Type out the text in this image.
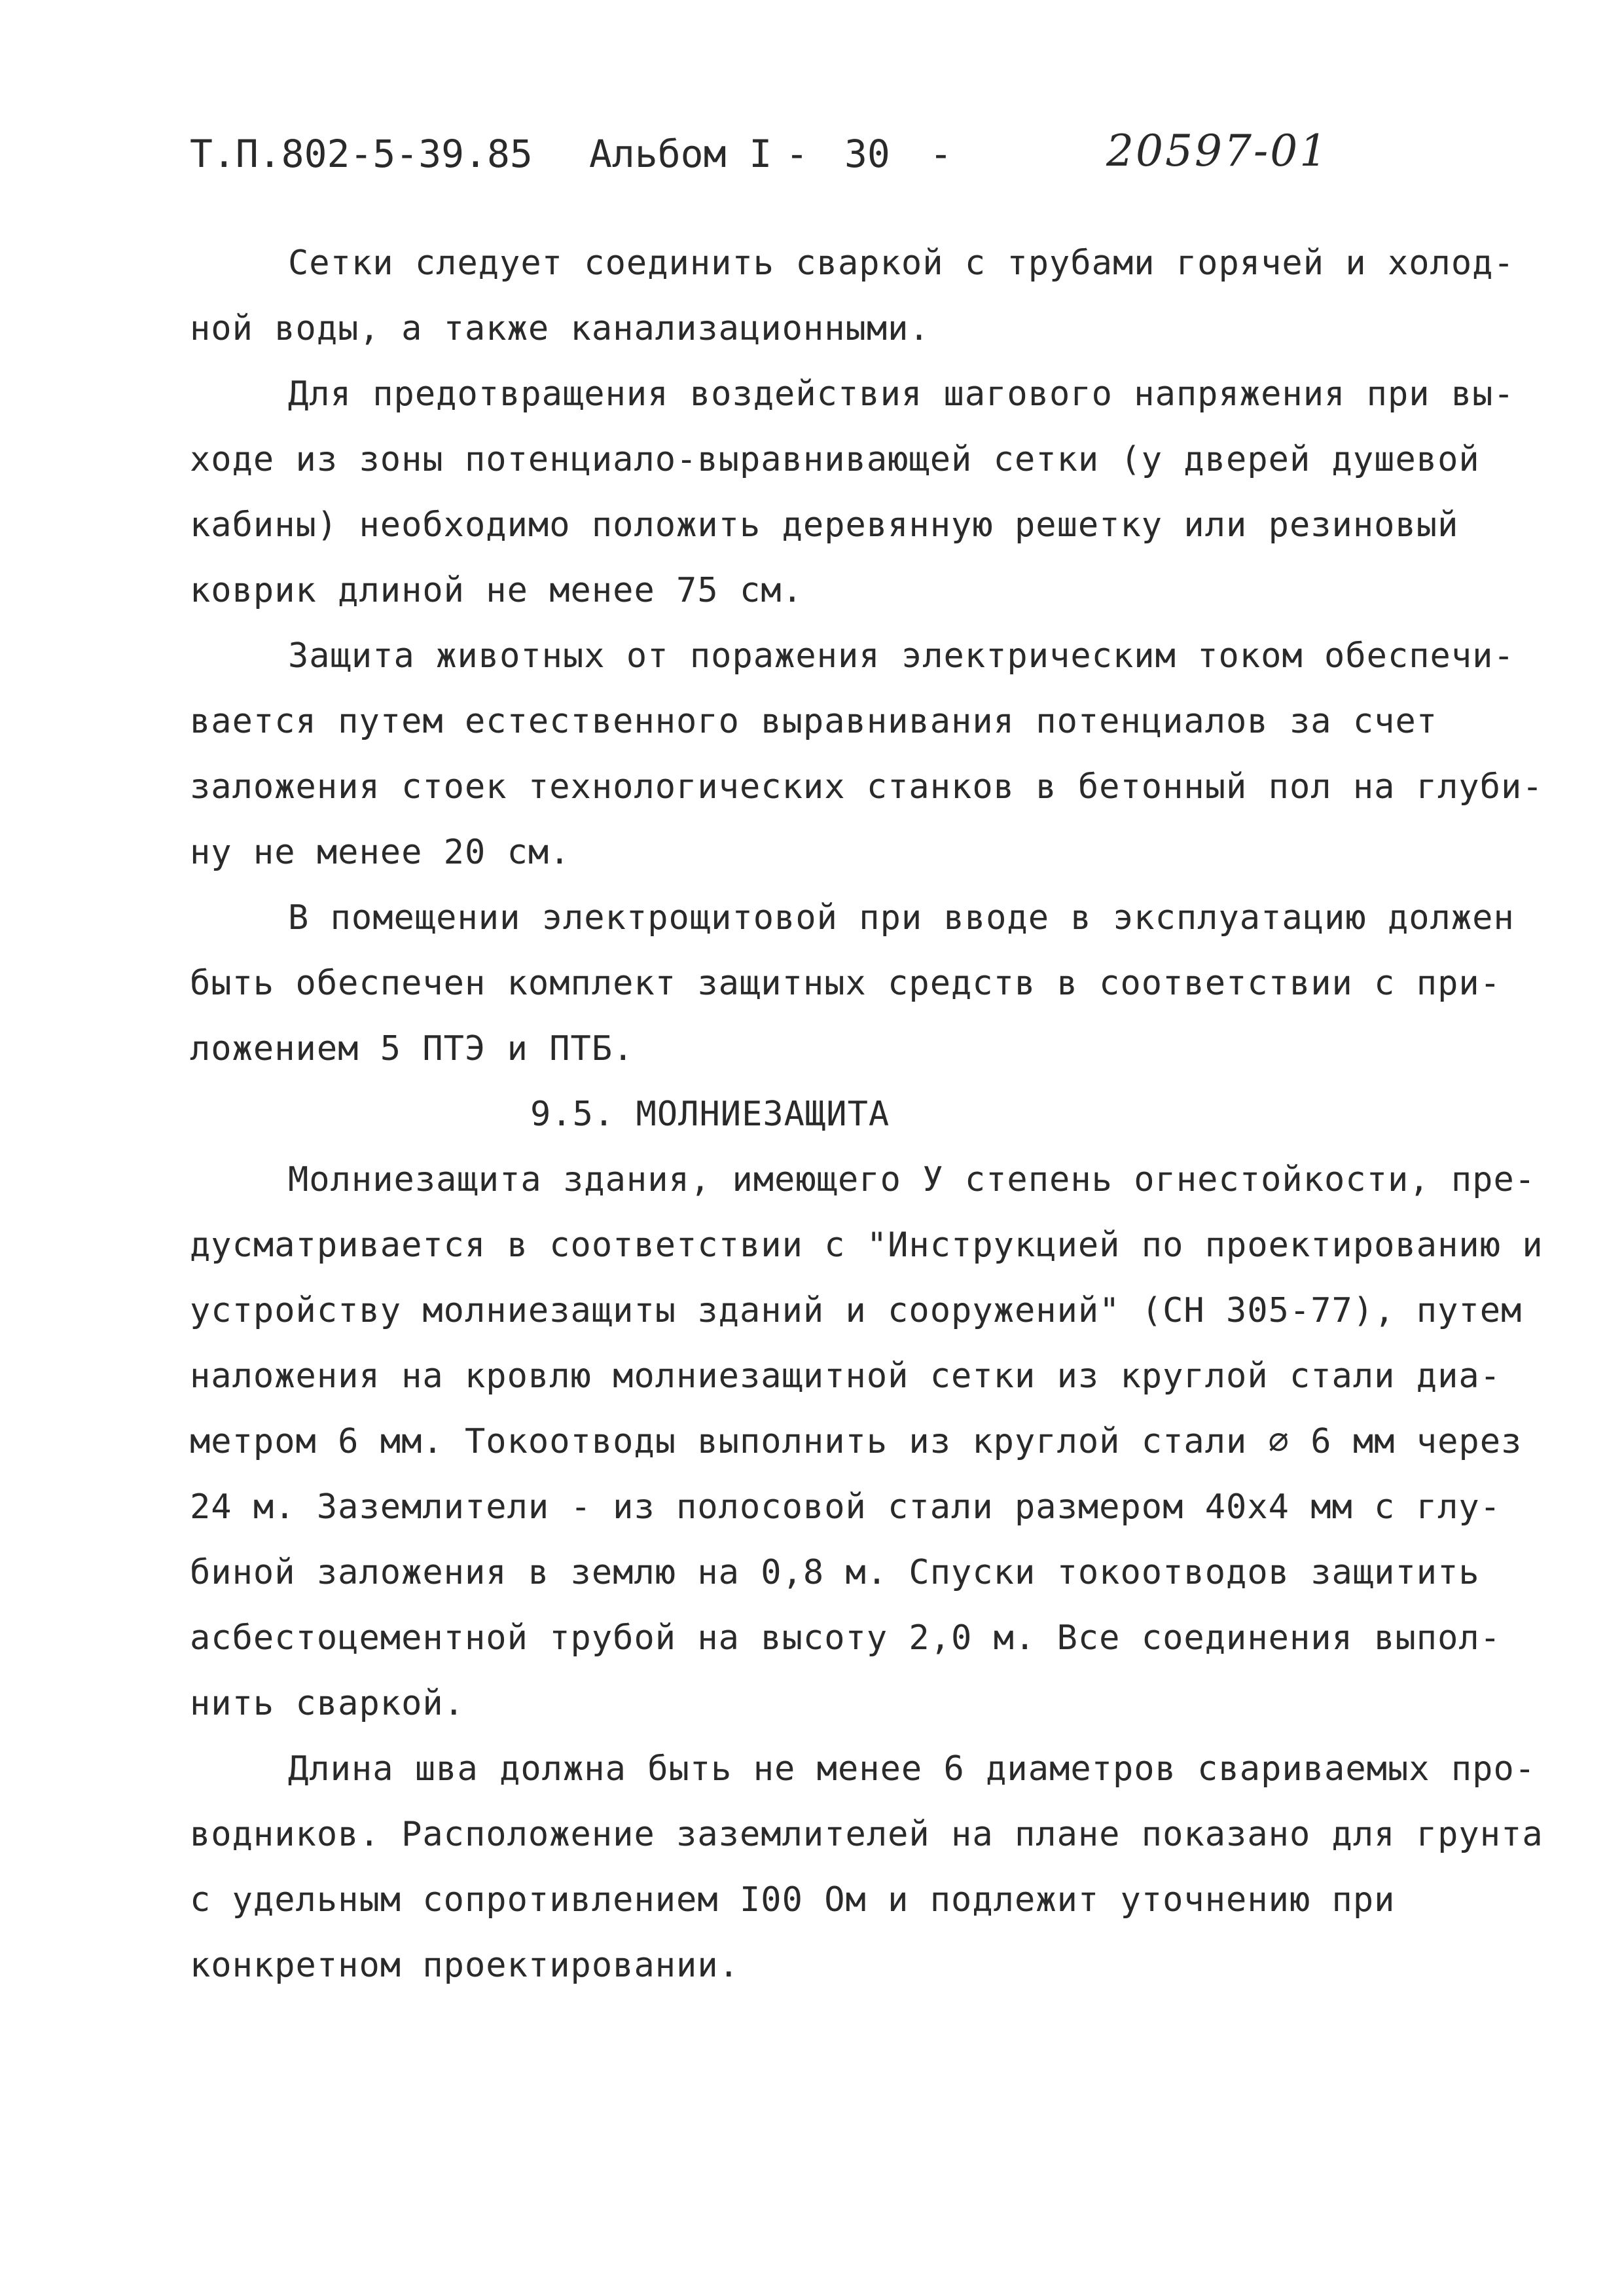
Т.П.802-5-39.85 Альбом I - 30 -	20597-01
Сетки следует соединить сваркой с трубами горячей и холод-
ной воды, а также канализационными.
Для предотвращения воздействия шагового напряжения при вы-
ходе из зоны потенциало-выравнивающей сетки (у дверей душевой
кабины) необходимо положить деревянную решетку или резиновый
коврик длиной не менее 75 см.
Защита животных от поражения электрическим током обеспечи-
вается путем естественного выравнивания потенциалов за счет
заложения стоек технологических станков в бетонный пол на глуби-
ну не менее 20 см.
В помещении электрощитовой при вводе в эксплуатацию должен
быть обеспечен комплект защитных средств в соответствии с при-
ложением 5 ПТЭ и ПТБ.
9.5. МОЛНИЕЗАЩИТА
Молниезащита здания, имеющего У степень огнестойкости, пре-
дусматривается в соответствии с "Инструкцией по проектированию и
устройству молниезащиты зданий и сооружений" (СН 305-77), путем
наложения на кровлю молниезащитной сетки из круглой стали диа-
метром 6 мм. Токоотводы выполнить из круглой стали ∅ 6 мм через
24 м. Заземлители - из полосовой стали размером 40х4 мм с глу-
биной заложения в землю на 0,8 м. Спуски токоотводов защитить
асбестоцементной трубой на высоту 2,0 м. Все соединения выпол-
нить сваркой.
Длина шва должна быть не менее 6 диаметров свариваемых про-
водников. Расположение заземлителей на плане показано для грунта
с удельным сопротивлением I00 Ом и подлежит уточнению при
конкретном проектировании.
